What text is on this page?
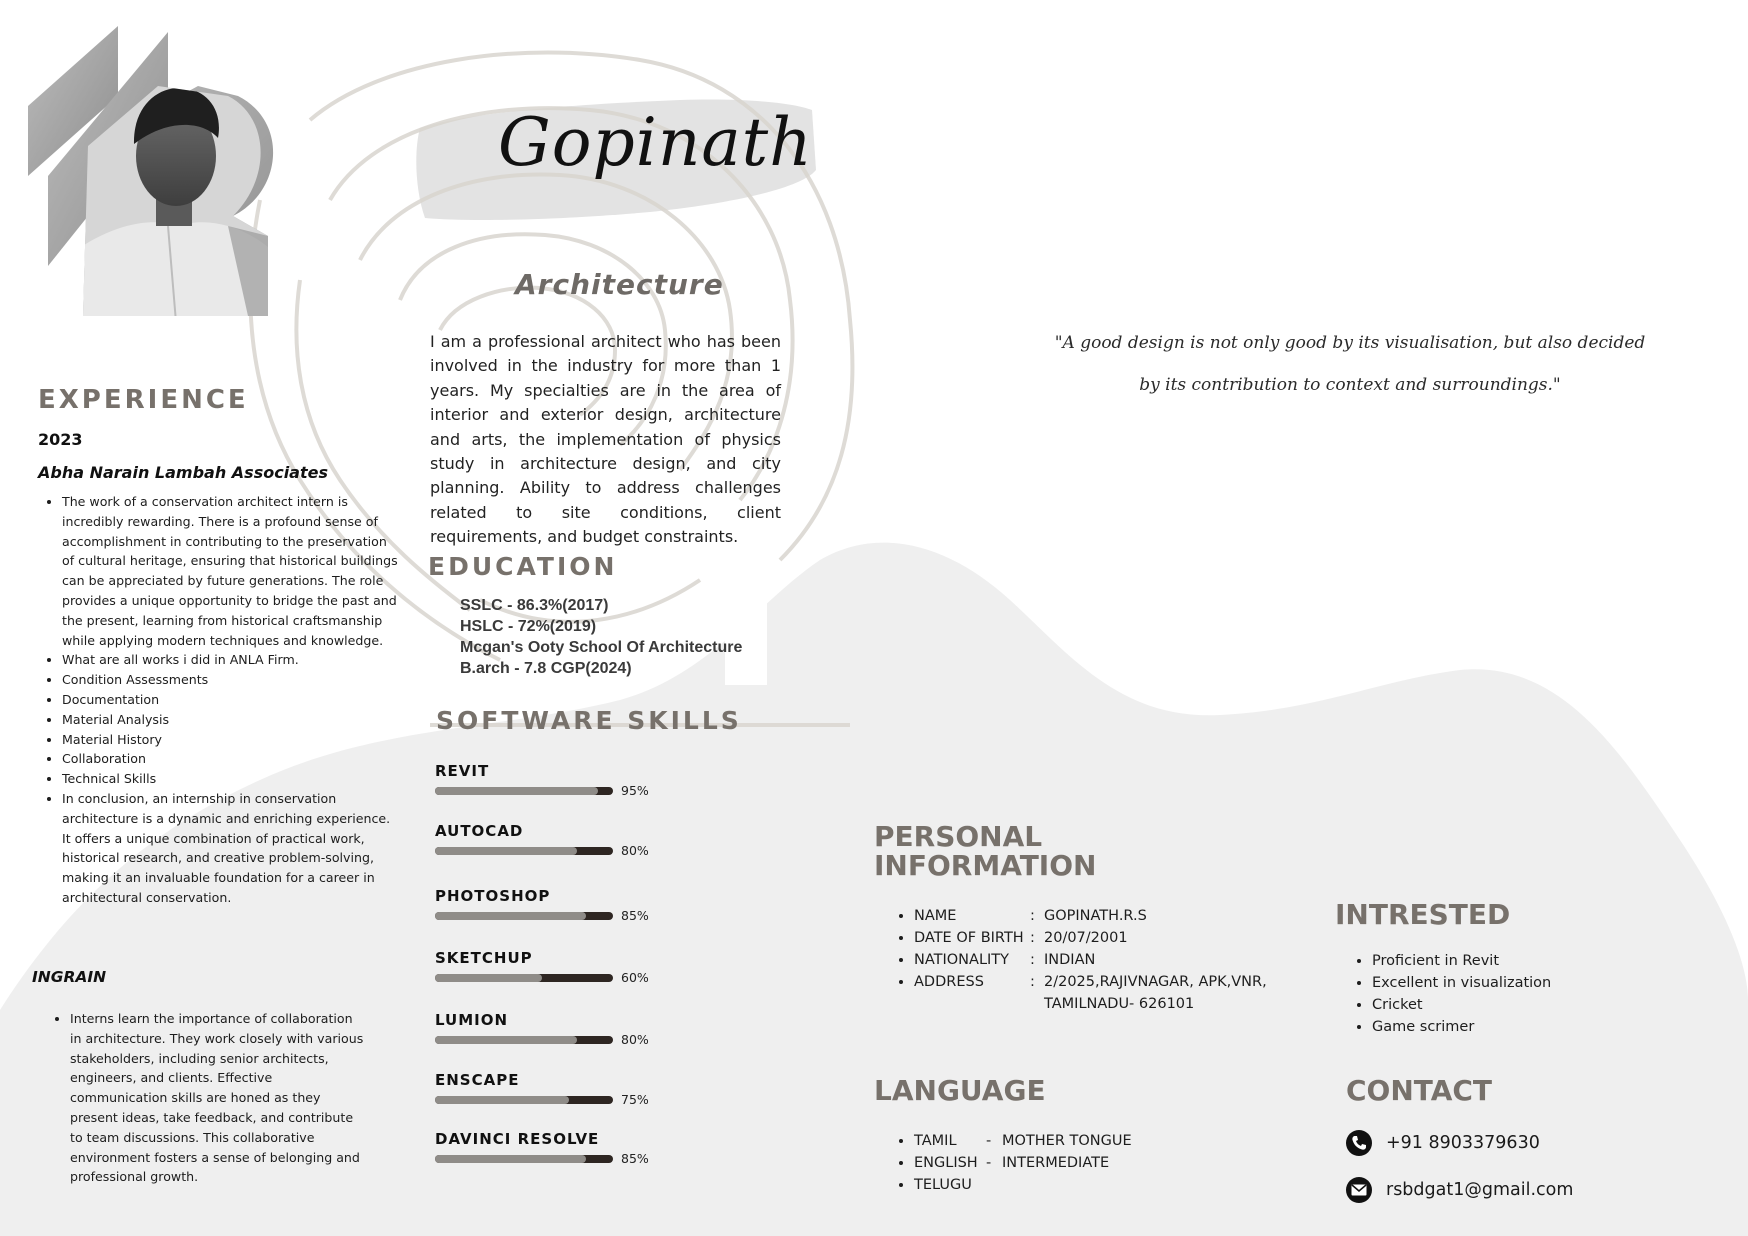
Gopinath
Architecture
I am a professional architect who has been involved in the industry for more than 1 years. My specialties are in the area of interior and exterior design, architecture and arts, the implementation of physics study in architecture design, and city planning. Ability to address challenges related to site conditions, client requirements, and budget constraints.
EXPERIENCE
2023
Abha Narain Lambah Associates
• The work of a conservation architect intern is incredibly rewarding. There is a profound sense of accomplishment in contributing to the preservation of cultural heritage, ensuring that historical buildings can be appreciated by future generations. The role provides a unique opportunity to bridge the past and the present, learning from historical craftsmanship while applying modern techniques and knowledge.
• What are all works i did in ANLA Firm.
• Condition Assessments
• Documentation
• Material Analysis
• Material History
• Collaboration
• Technical Skills
• In conclusion, an internship in conservation architecture is a dynamic and enriching experience. It offers a unique combination of practical work, historical research, and creative problem-solving, making it an invaluable foundation for a career in architectural conservation.
INGRAIN
• Interns learn the importance of collaboration in architecture. They work closely with various stakeholders, including senior architects, engineers, and clients. Effective communication skills are honed as they present ideas, take feedback, and contribute to team discussions. This collaborative environment fosters a sense of belonging and professional growth.
EDUCATION
SSLC - 86.3%(2017)
HSLC - 72%(2019)
Mcgan's Ooty School Of Architecture
B.arch - 7.8 CGP(2024)
SOFTWARE SKILLS
REVIT
95%
AUTOCAD
80%
PHOTOSHOP
85%
SKETCHUP
60%
LUMION
80%
ENSCAPE
75%
DAVINCI RESOLVE
85%
"A good design is not only good by its visualisation, but also decided
by its contribution to context and surroundings."
PERSONAL
INFORMATION
• NAME	: GOPINATH.R.S
• DATE OF BIRTH : 20/07/2001
• NATIONALITY	: INDIAN
• ADDRESS	: 2/2025,RAJIVNAGAR, APK,VNR,
TAMILNADU- 626101
INTRESTED
• Proficient in Revit
• Excellent in visualization
• Cricket
• Game scrimer
LANGUAGE
• TAMIL - MOTHER TONGUE
• ENGLISH - INTERMEDIATE
• TELUGU
CONTACT
+91 8903379630
rsbdgat1@gmail.com
